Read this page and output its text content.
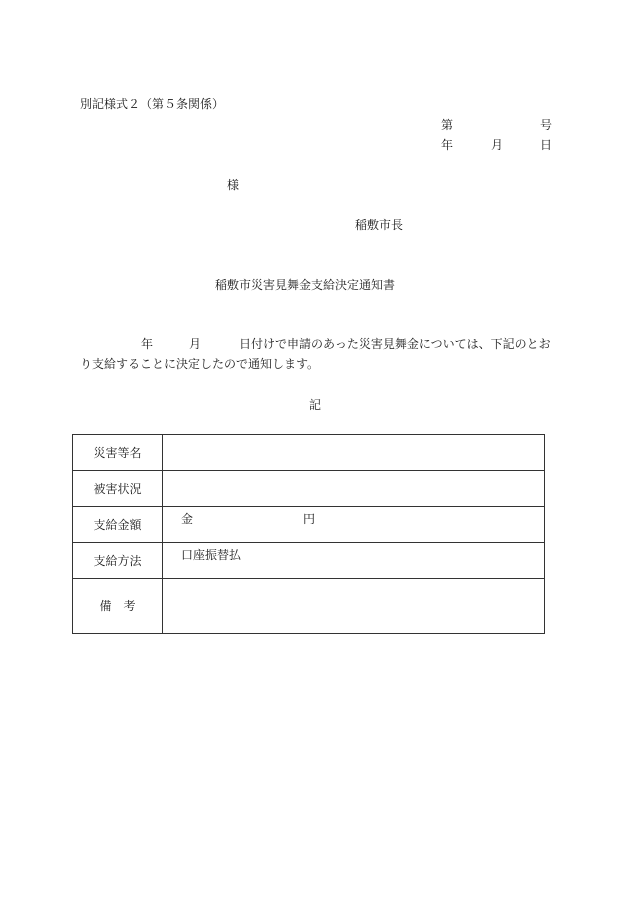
別記様式２（第５条関係）
第	号
年	月	日
様
稲敷市長
稲敷市災害見舞金支給決定通知書
年	月	日付けで申請のあった災害見舞金については、下記のとお
り支給することに決定したので通知します。
記
災害等名	
被害状況	
支給金額	金 円
支給方法	口座振替払
備　考	
